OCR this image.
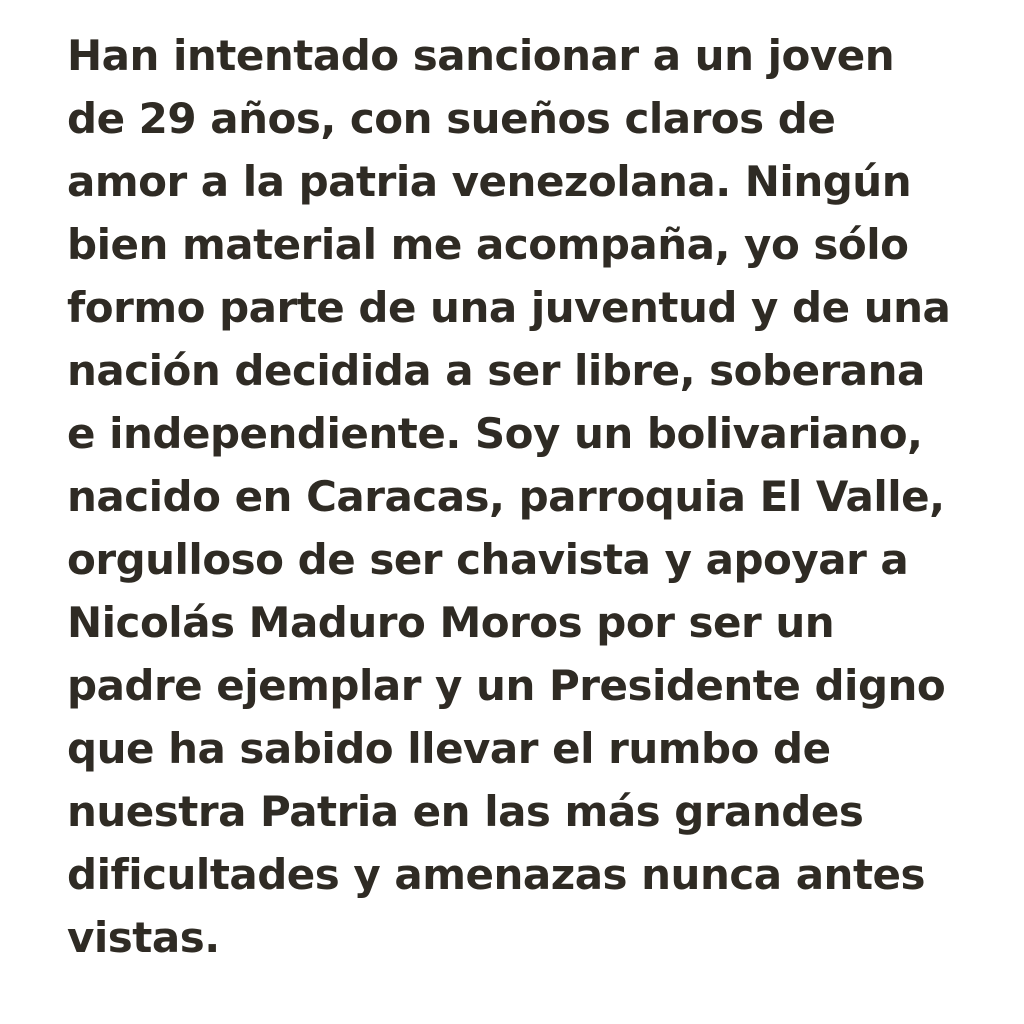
Han intentado sancionar a un joven
de 29 años, con sueños claros de
amor a la patria venezolana. Ningún
bien material me acompaña, yo sólo
formo parte de una juventud y de una
nación decidida a ser libre, soberana
e independiente. Soy un bolivariano,
nacido en Caracas, parroquia El Valle,
orgulloso de ser chavista y apoyar a
Nicolás Maduro Moros por ser un
padre ejemplar y un Presidente digno
que ha sabido llevar el rumbo de
nuestra Patria en las más grandes
dificultades y amenazas nunca antes
vistas.
